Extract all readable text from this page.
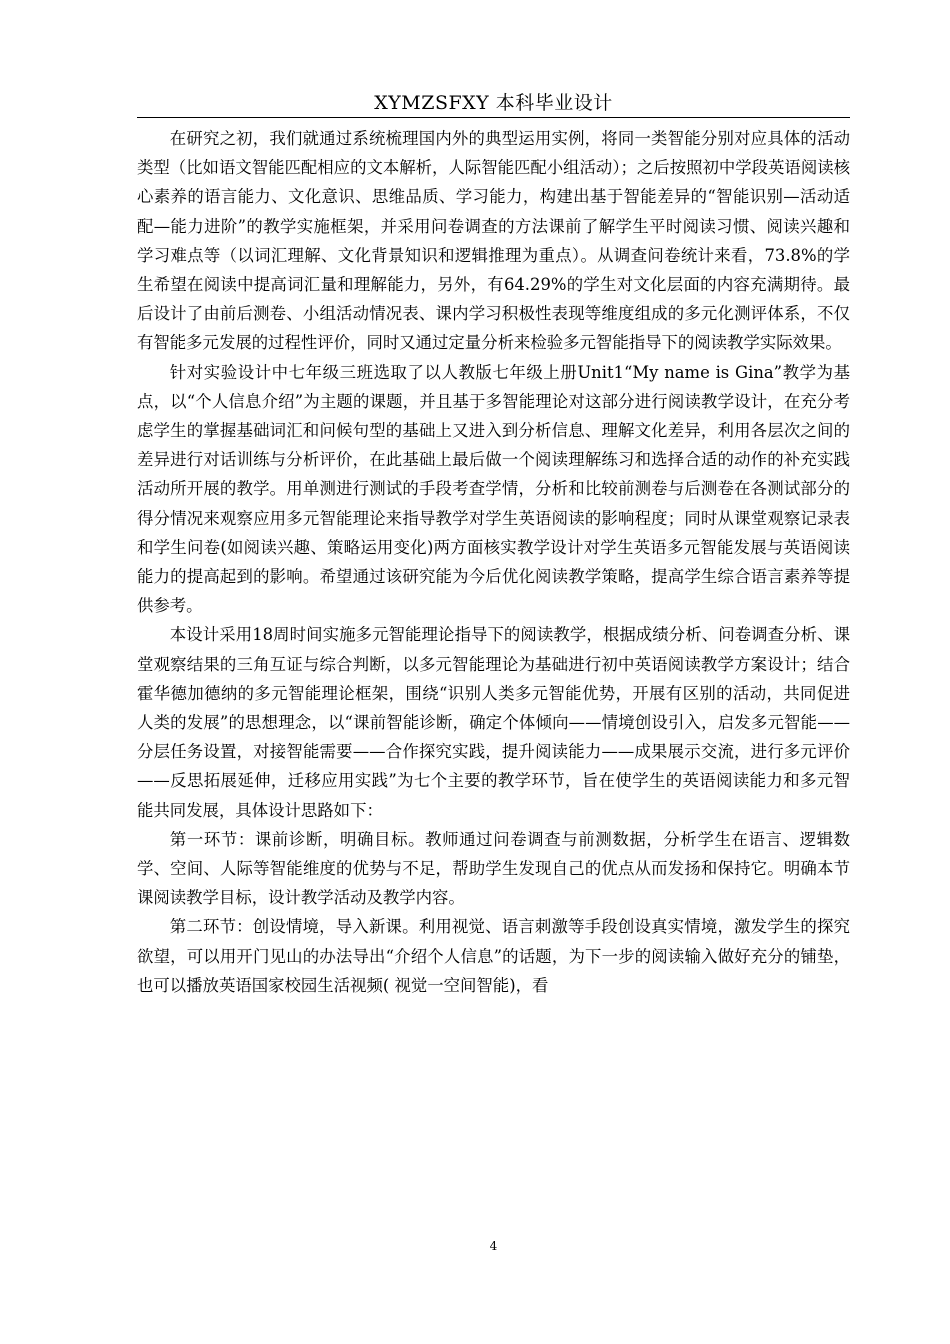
XYMZSFXY 本科毕业设计

在研究之初，我们就通过系统梳理国内外的典型运用实例，将同一类智能分别对应具体的活动类型（比如语文智能匹配相应的文本解析，人际智能匹配小组活动）；之后按照初中学段英语阅读核心素养的语言能力、文化意识、思维品质、学习能力，构建出基于智能差异的“智能识别—活动适配—能力进阶”的教学实施框架，并采用问卷调查的方法课前了解学生平时阅读习惯、阅读兴趣和学习难点等（以词汇理解、文化背景知识和逻辑推理为重点）。从调查问卷统计来看，73.8%的学生希望在阅读中提高词汇量和理解能力，另外，有64.29%的学生对文化层面的内容充满期待。最后设计了由前后测卷、小组活动情况表、课内学习积极性表现等维度组成的多元化测评体系，不仅有智能多元发展的过程性评价，同时又通过定量分析来检验多元智能指导下的阅读教学实际效果。

针对实验设计中七年级三班选取了以人教版七年级上册Unit1“My name is Gina”教学为基点，以“个人信息介绍”为主题的课题，并且基于多智能理论对这部分进行阅读教学设计，在充分考虑学生的掌握基础词汇和问候句型的基础上又进入到分析信息、理解文化差异，利用各层次之间的差异进行对话训练与分析评价，在此基础上最后做一个阅读理解练习和选择合适的动作的补充实践活动所开展的教学。用单测进行测试的手段考查学情，分析和比较前测卷与后测卷在各测试部分的得分情况来观察应用多元智能理论来指导教学对学生英语阅读的影响程度；同时从课堂观察记录表和学生问卷(如阅读兴趣、策略运用变化)两方面核实教学设计对学生英语多元智能发展与英语阅读能力的提高起到的影响。希望通过该研究能为今后优化阅读教学策略，提高学生综合语言素养等提供参考。

本设计采用18周时间实施多元智能理论指导下的阅读教学，根据成绩分析、问卷调查分析、课堂观察结果的三角互证与综合判断，以多元智能理论为基础进行初中英语阅读教学方案设计；结合霍华德加德纳的多元智能理论框架，围绕“识别人类多元智能优势，开展有区别的活动，共同促进人类的发展”的思想理念，以“课前智能诊断，确定个体倾向——情境创设引入，启发多元智能——分层任务设置，对接智能需要——合作探究实践，提升阅读能力——成果展示交流，进行多元评价——反思拓展延伸，迁移应用实践”为七个主要的教学环节，旨在使学生的英语阅读能力和多元智能共同发展，具体设计思路如下：

第一环节：课前诊断，明确目标。教师通过问卷调查与前测数据，分析学生在语言、逻辑数学、空间、人际等智能维度的优势与不足，帮助学生发现自己的优点从而发扬和保持它。明确本节课阅读教学目标，设计教学活动及教学内容。

第二环节：创设情境，导入新课。利用视觉、语言刺激等手段创设真实情境，激发学生的探究欲望，可以用开门见山的办法导出“介绍个人信息”的话题，为下一步的阅读输入做好充分的铺垫，也可以播放英语国家校园生活视频( 视觉一空间智能)，看

4
